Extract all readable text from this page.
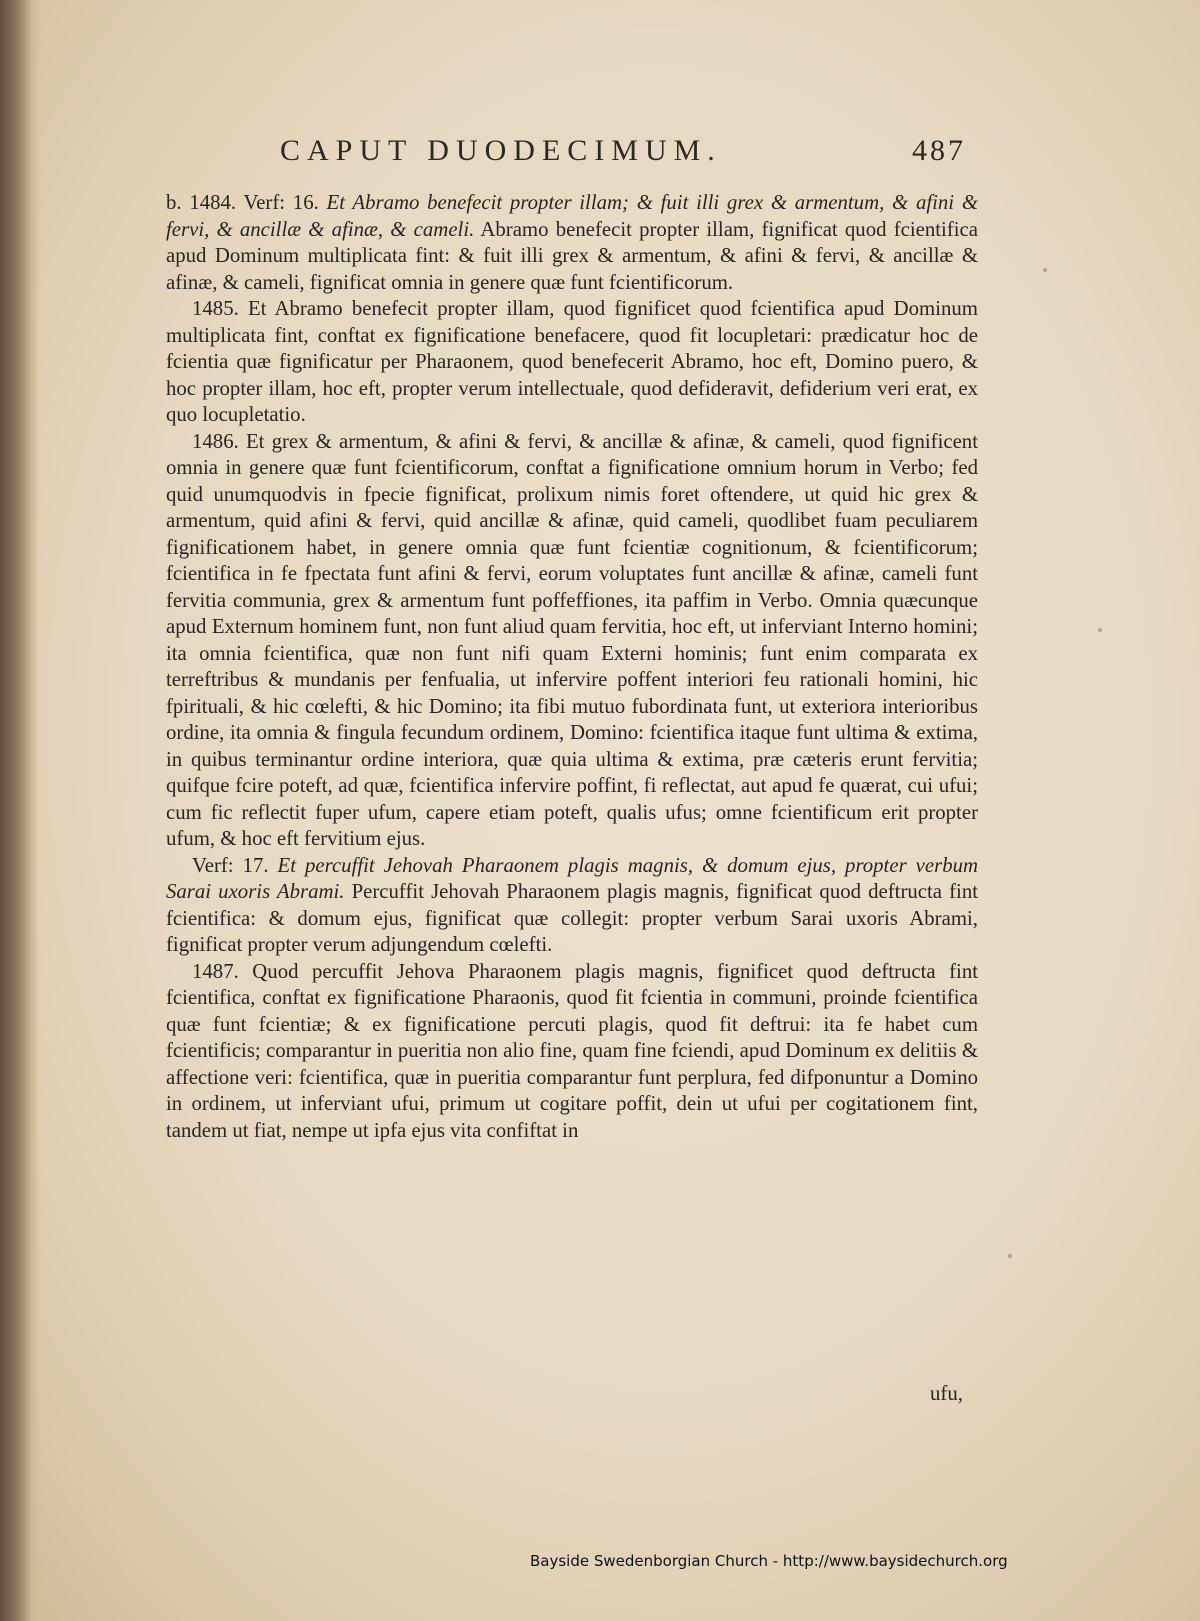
CAPUT DUODECIMUM.	487

b. 1484. Verf: 16. Et Abramo benefecit propter illam; & fuit illi grex & armentum, & afini & fervi, & ancillæ & afinæ, & cameli. Abramo benefecit propter illam, fignificat quod fcientifica apud Dominum multiplicata fint: & fuit illi grex & armentum, & afini & fervi, & ancillæ & afinæ, & cameli, fignificat omnia in genere quæ funt fcientificorum.

1485. Et Abramo benefecit propter illam, quod fignificet quod fcientifica apud Dominum multiplicata fint, conftat ex fignificatione benefacere, quod fit locupletari: prædicatur hoc de fcientia quæ fignificatur per Pharaonem, quod benefecerit Abramo, hoc eft, Domino puero, & hoc propter illam, hoc eft, propter verum intellectuale, quod defideravit, defiderium veri erat, ex quo locupletatio.

1486. Et grex & armentum, & afini & fervi, & ancillæ & afinæ, & cameli, quod fignificent omnia in genere quæ funt fcientificorum, conftat a fignificatione omnium horum in Verbo; fed quid unumquodvis in fpecie fignificat, prolixum nimis foret oftendere, ut quid hic grex & armentum, quid afini & fervi, quid ancillæ & afinæ, quid cameli, quodlibet fuam peculiarem fignificationem habet, in genere omnia quæ funt fcientiæ cognitionum, & fcientificorum; fcientifica in fe fpectata funt afini & fervi, eorum voluptates funt ancillæ & afinæ, cameli funt fervitia communia, grex & armentum funt poffeffiones, ita paffim in Verbo. Omnia quæcunque apud Externum hominem funt, non funt aliud quam fervitia, hoc eft, ut inferviant Interno homini; ita omnia fcientifica, quæ non funt nifi quam Externi hominis; funt enim comparata ex terreftribus & mundanis per fenfualia, ut infervire poffent interiori feu rationali homini, hic fpirituali, & hic cœlefti, & hic Domino; ita fibi mutuo fubordinata funt, ut exteriora interioribus ordine, ita omnia & fingula fecundum ordinem, Domino: fcientifica itaque funt ultima & extima, in quibus terminantur ordine interiora, quæ quia ultima & extima, præ cæteris erunt fervitia; quifque fcire poteft, ad quæ, fcientifica infervire poffint, fi reflectat, aut apud fe quærat, cui ufui; cum fic reflectit fuper ufum, capere etiam poteft, qualis ufus; omne fcientificum erit propter ufum, & hoc eft fervitium ejus.

Verf: 17. Et percuffit Jehovah Pharaonem plagis magnis, & domum ejus, propter verbum Sarai uxoris Abrami. Percuffit Jehovah Pharaonem plagis magnis, fignificat quod deftructa fint fcientifica: & domum ejus, fignificat quæ collegit: propter verbum Sarai uxoris Abrami, fignificat propter verum adjungendum cœlefti.

1487. Quod percuffit Jehova Pharaonem plagis magnis, fignificet quod deftructa fint fcientifica, conftat ex fignificatione Pharaonis, quod fit fcientia in communi, proinde fcientifica quæ funt fcientiæ; & ex fignificatione percuti plagis, quod fit deftrui: ita fe habet cum fcientificis; comparantur in pueritia non alio fine, quam fine fciendi, apud Dominum ex delitiis & affectione veri: fcientifica, quæ in pueritia comparantur funt perplura, fed difponuntur a Domino in ordinem, ut inferviant ufui, primum ut cogitare poffit, dein ut ufui per cogitationem fint, tandem ut fiat, nempe ut ipfa ejus vita confiftat in

ufu,
Bayside Swedenborgian Church - http://www.baysidechurch.org
